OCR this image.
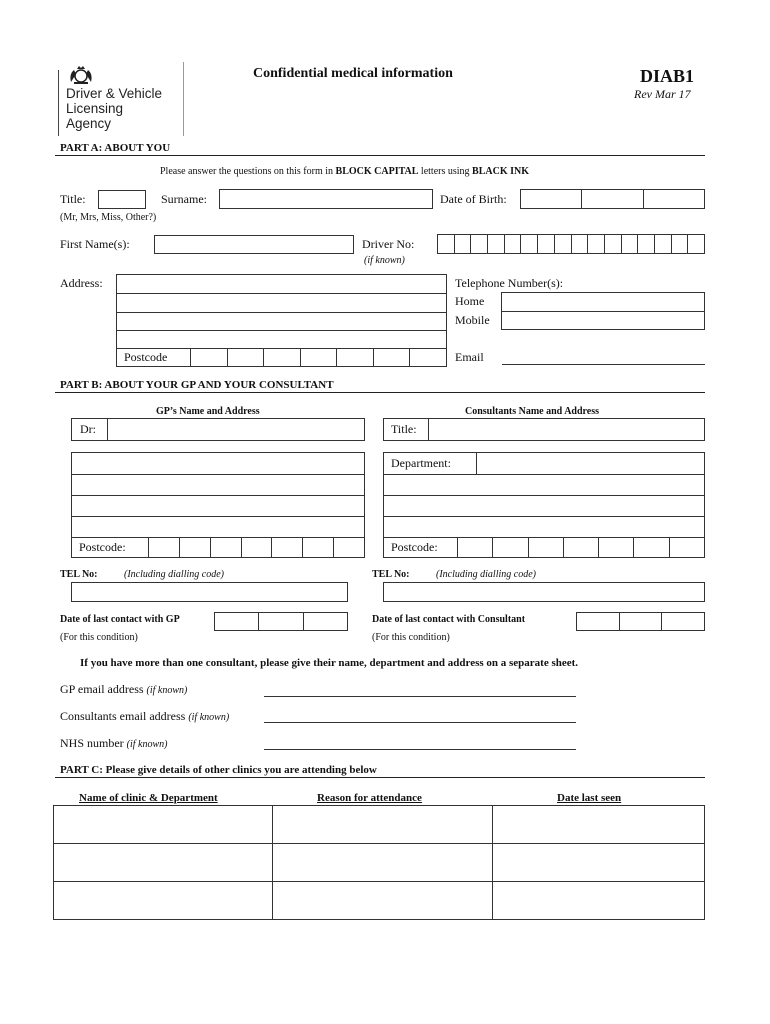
Driver & Vehicle
Licensing
Agency
Confidential medical information	DIAB1
Rev Mar 17
PART A: ABOUT YOU
Please answer the questions on this form in BLOCK CAPITAL letters using BLACK INK
Title:
(Mr, Mrs, Miss, Other?)
Surname:	Date of Birth:
First Name(s):	Driver No:
(if known)
Address:
Postcode
Telephone Number(s):
Home
Mobile
Email
PART B: ABOUT YOUR GP AND YOUR CONSULTANT
GP’s Name and Address	Consultants Name and Address
Dr:	Title:
Postcode:
Department:
Postcode:
TEL No:	(Including dialling code)	TEL No:	(Including dialling code)
Date of last contact with GP
(For this condition)
Date of last contact with Consultant
(For this condition)
If you have more than one consultant, please give their name, department and address on a separate sheet.
GP email address (if known)
Consultants email address (if known)
NHS number (if known)
PART C: Please give details of other clinics you are attending below
Name of clinic & Department	Reason for attendance	Date last seen
